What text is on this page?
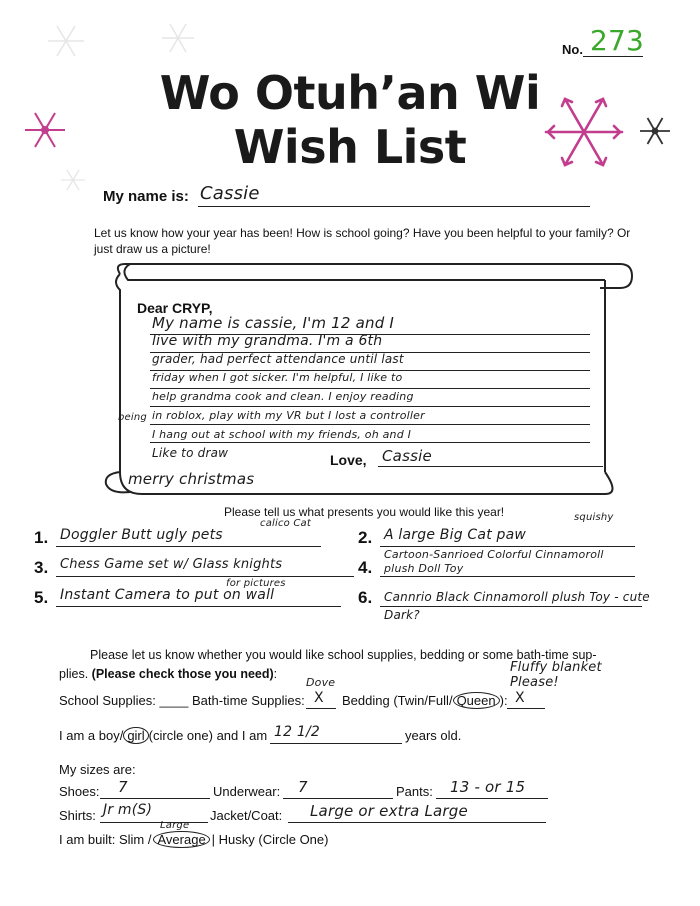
No. 273
Wo Otuh’an Wi
Wish List
My name is: Cassie
Let us know how your year has been! How is school going? Have you been helpful to your family? Or
just draw us a picture!
Dear CRYP,
My name is cassie, I'm 12 and I
live with my grandma. I'm a 6th
grader, had perfect attendance until last
friday when I got sicker. I'm helpful, I like to
help grandma cook and clean. I enjoy reading
being in roblox, play with my VR but I lost a controller
I hang out at school with my friends, oh and I
Like to draw	Love, Cassie
merry christmas
Please tell us what presents you would like this year!
1. Doggler Butt ugly pets
calico Cat
2. A large Big Cat paw
squishy
3. Chess Game set w/ Glass knights	4.
Cartoon-Sanrioed Colorful Cinnamoroll plush Doll Toy
5. Instant Camera to put on wall
for pictures
6. Cannrio Black Cinnamoroll plush Toy - cute Dark?
Please let us know whether you would like school supplies, bedding or some bath-time sup-
plies. (Please check those you need):
School Supplies: ____ Bath-time Supplies: X
Dove
Bedding (Twin/Full/ Queen ): X
Fluffy blanket Please!
I am a boy/ girl (circle one) and I am 12 1/2	years old.
My sizes are:
Shoes: 7	Underwear: 7	Pants: 13 - or 15
Shirts: Jr m(S)	Jacket/Coat: Large or extra Large
I am built: Slim / Average | Husky (Circle One)
Large
